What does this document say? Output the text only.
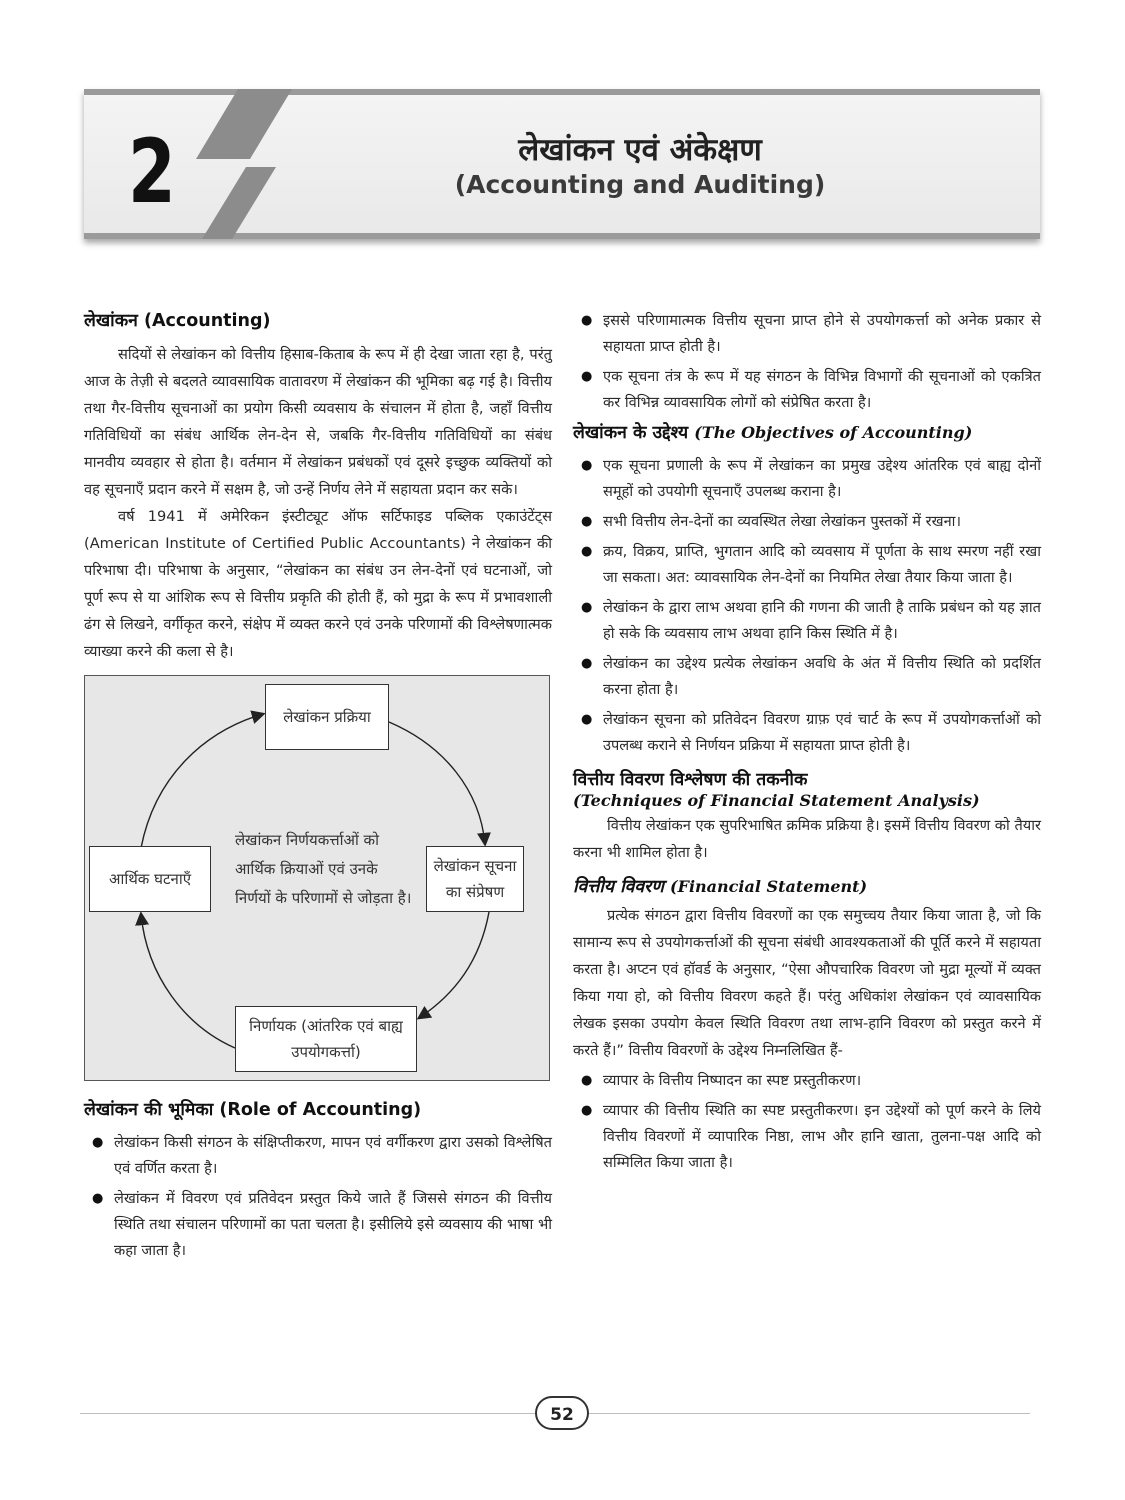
2	लेखांकन एवं अंकेक्षण
(Accounting and Auditing)
लेखांकन (Accounting)

सदियों से लेखांकन को वित्तीय हिसाब-किताब के रूप में ही देखा जाता रहा है, परंतु आज के तेज़ी से बदलते व्यावसायिक वातावरण में लेखांकन की भूमिका बढ़ गई है। वित्तीय तथा गैर-वित्तीय सूचनाओं का प्रयोग किसी व्यवसाय के संचालन में होता है, जहाँ वित्तीय गतिविधियों का संबंध आर्थिक लेन-देन से, जबकि गैर-वित्तीय गतिविधियों का संबंध मानवीय व्यवहार से होता है। वर्तमान में लेखांकन प्रबंधकों एवं दूसरे इच्छुक व्यक्तियों को वह सूचनाएँ प्रदान करने में सक्षम है, जो उन्हें निर्णय लेने में सहायता प्रदान कर सके।

वर्ष 1941 में अमेरिकन इंस्टीट्यूट ऑफ सर्टिफाइड पब्लिक एकाउंटेंट्स (American Institute of Certified Public Accountants) ने लेखांकन की परिभाषा दी। परिभाषा के अनुसार, “लेखांकन का संबंध उन लेन-देनों एवं घटनाओं, जो पूर्ण रूप से या आंशिक रूप से वित्तीय प्रकृति की होती हैं, को मुद्रा के रूप में प्रभावशाली ढंग से लिखने, वर्गीकृत करने, संक्षेप में व्यक्त करने एवं उनके परिणामों की विश्लेषणात्मक व्याख्या करने की कला से है।

लेखांकन प्रक्रिया
लेखांकन सूचना का संप्रेषण
निर्णायक (आंतरिक एवं बाह्य उपयोगकर्त्ता)
आर्थिक घटनाएँ
लेखांकन निर्णयकर्त्ताओं को आर्थिक क्रियाओं एवं उनके निर्णयों के परिणामों से जोड़ता है।
लेखांकन की भूमिका (Role of Accounting)
● लेखांकन किसी संगठन के संक्षिप्तीकरण, मापन एवं वर्गीकरण द्वारा उसको विश्लेषित एवं वर्णित करता है।
● लेखांकन में विवरण एवं प्रतिवेदन प्रस्तुत किये जाते हैं जिससे संगठन की वित्तीय स्थिति तथा संचालन परिणामों का पता चलता है। इसीलिये इसे व्यवसाय की भाषा भी कहा जाता है।
● इससे परिणामात्मक वित्तीय सूचना प्राप्त होने से उपयोगकर्त्ता को अनेक प्रकार से सहायता प्राप्त होती है।
● एक सूचना तंत्र के रूप में यह संगठन के विभिन्न विभागों की सूचनाओं को एकत्रित कर विभिन्न व्यावसायिक लोगों को संप्रेषित करता है।
लेखांकन के उद्देश्य (The Objectives of Accounting)
● एक सूचना प्रणाली के रूप में लेखांकन का प्रमुख उद्देश्य आंतरिक एवं बाह्य दोनों समूहों को उपयोगी सूचनाएँ उपलब्ध कराना है।
● सभी वित्तीय लेन-देनों का व्यवस्थित लेखा लेखांकन पुस्तकों में रखना।
● क्रय, विक्रय, प्राप्ति, भुगतान आदि को व्यवसाय में पूर्णता के साथ स्मरण नहीं रखा जा सकता। अत: व्यावसायिक लेन-देनों का नियमित लेखा तैयार किया जाता है।
● लेखांकन के द्वारा लाभ अथवा हानि की गणना की जाती है ताकि प्रबंधन को यह ज्ञात हो सके कि व्यवसाय लाभ अथवा हानि किस स्थिति में है।
● लेखांकन का उद्देश्य प्रत्येक लेखांकन अवधि के अंत में वित्तीय स्थिति को प्रदर्शित करना होता है।
● लेखांकन सूचना को प्रतिवेदन विवरण ग्राफ़ एवं चार्ट के रूप में उपयोगकर्त्ताओं को उपलब्ध कराने से निर्णयन प्रक्रिया में सहायता प्राप्त होती है।
वित्तीय विवरण विश्लेषण की तकनीक
(Techniques of Financial Statement Analysis)

वित्तीय लेखांकन एक सुपरिभाषित क्रमिक प्रक्रिया है। इसमें वित्तीय विवरण को तैयार करना भी शामिल होता है।

वित्तीय विवरण (Financial Statement)

प्रत्येक संगठन द्वारा वित्तीय विवरणों का एक समुच्चय तैयार किया जाता है, जो कि सामान्य रूप से उपयोगकर्त्ताओं की सूचना संबंधी आवश्यकताओं की पूर्ति करने में सहायता करता है। अप्टन एवं हॉवर्ड के अनुसार, “ऐसा औपचारिक विवरण जो मुद्रा मूल्यों में व्यक्त किया गया हो, को वित्तीय विवरण कहते हैं। परंतु अधिकांश लेखांकन एवं व्यावसायिक लेखक इसका उपयोग केवल स्थिति विवरण तथा लाभ-हानि विवरण को प्रस्तुत करने में करते हैं।” वित्तीय विवरणों के उद्देश्य निम्नलिखित हैं-

● व्यापार के वित्तीय निष्पादन का स्पष्ट प्रस्तुतीकरण।
● व्यापार की वित्तीय स्थिति का स्पष्ट प्रस्तुतीकरण। इन उद्देश्यों को पूर्ण करने के लिये वित्तीय विवरणों में व्यापारिक निष्ठा, लाभ और हानि खाता, तुलना-पक्ष आदि को सम्मिलित किया जाता है।
52
